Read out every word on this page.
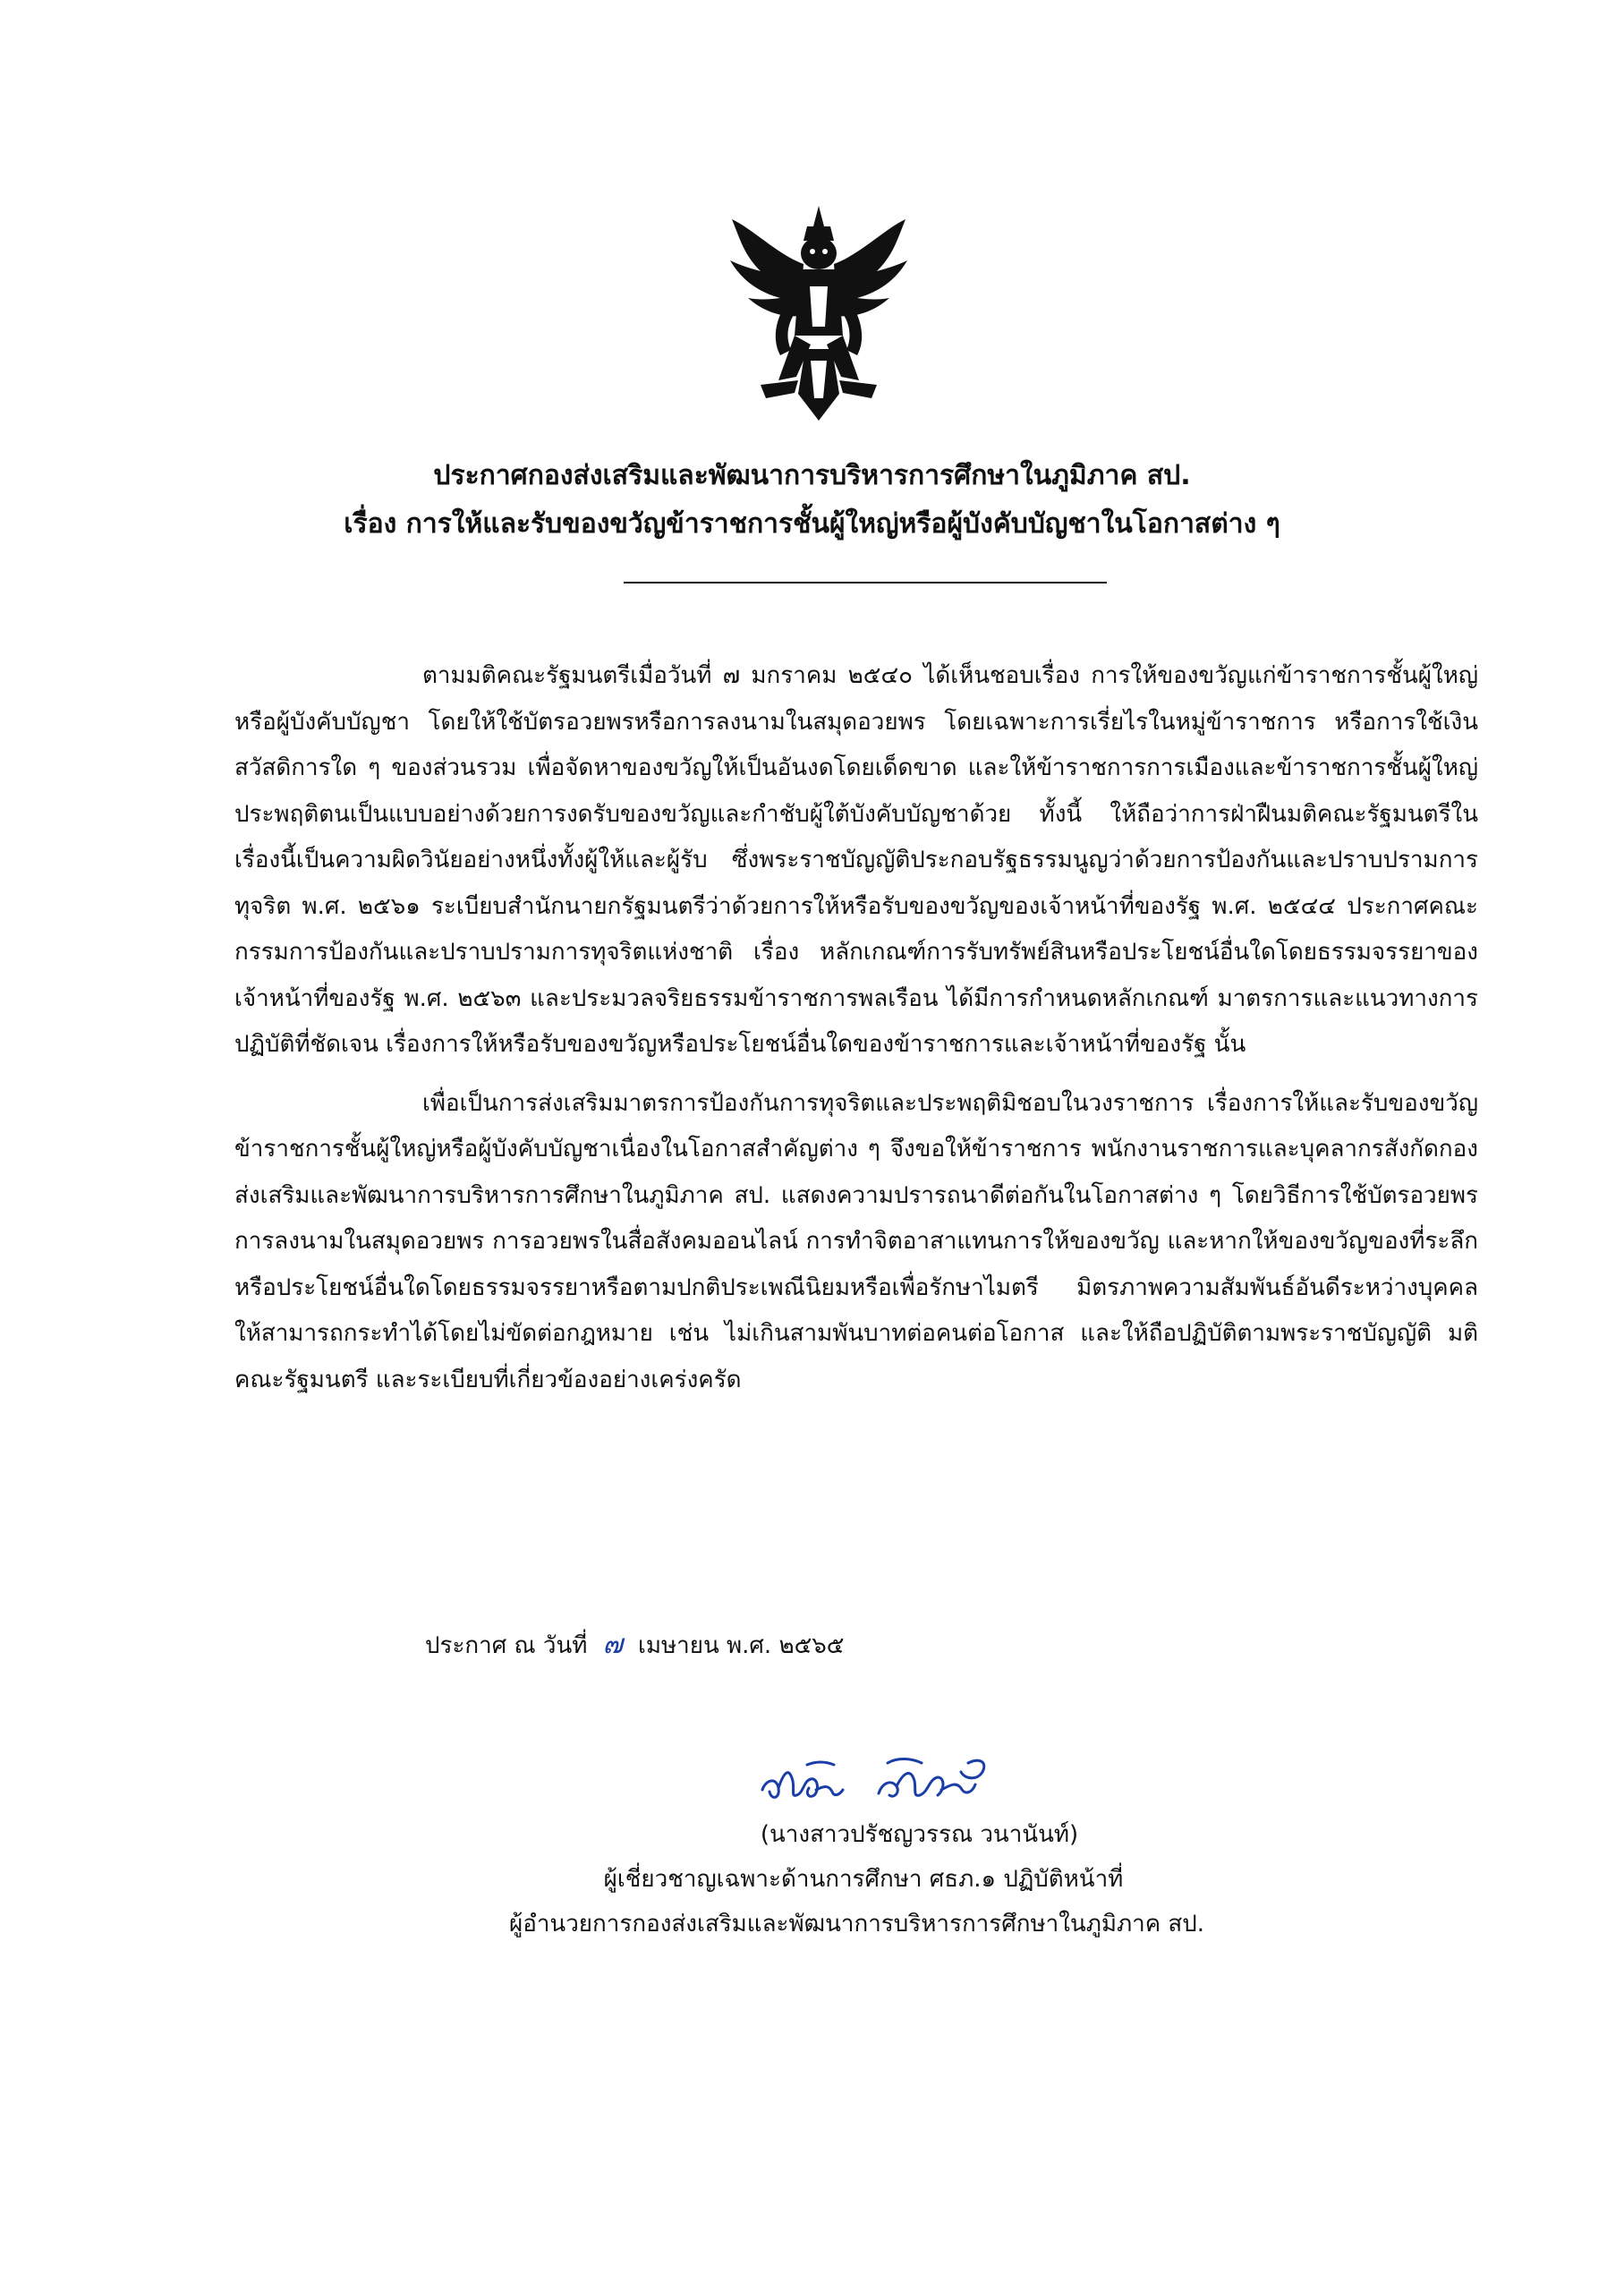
ประกาศกองส่งเสริมและพัฒนาการบริหารการศึกษาในภูมิภาค สป.
เรื่อง การให้และรับของขวัญข้าราชการชั้นผู้ใหญ่หรือผู้บังคับบัญชาในโอกาสต่าง ๆ

ตามมติคณะรัฐมนตรีเมื่อวันที่ ๗ มกราคม ๒๕๔๐ ได้เห็นชอบเรื่อง การให้ของขวัญแก่ข้าราชการชั้นผู้ใหญ่หรือผู้บังคับบัญชา โดยให้ใช้บัตรอวยพรหรือการลงนามในสมุดอวยพร โดยเฉพาะการเรี่ยไรในหมู่ข้าราชการ หรือการใช้เงินสวัสดิการใด ๆ ของส่วนรวม เพื่อจัดหาของขวัญให้เป็นอันงดโดยเด็ดขาด และให้ข้าราชการการเมืองและข้าราชการชั้นผู้ใหญ่ประพฤติตนเป็นแบบอย่างด้วยการงดรับของขวัญและกำชับผู้ใต้บังคับบัญชาด้วย ทั้งนี้ ให้ถือว่าการฝ่าฝืนมติคณะรัฐมนตรีในเรื่องนี้เป็นความผิดวินัยอย่างหนึ่งทั้งผู้ให้และผู้รับ ซึ่งพระราชบัญญัติประกอบรัฐธรรมนูญว่าด้วยการป้องกันและปราบปรามการทุจริต พ.ศ. ๒๕๖๑ ระเบียบสำนักนายกรัฐมนตรีว่าด้วยการให้หรือรับของขวัญของเจ้าหน้าที่ของรัฐ พ.ศ. ๒๕๔๔ ประกาศคณะกรรมการป้องกันและปราบปรามการทุจริตแห่งชาติ เรื่อง หลักเกณฑ์การรับทรัพย์สินหรือประโยชน์อื่นใดโดยธรรมจรรยาของเจ้าหน้าที่ของรัฐ พ.ศ. ๒๕๖๓ และประมวลจริยธรรมข้าราชการพลเรือน ได้มีการกำหนดหลักเกณฑ์ มาตรการและแนวทางการปฏิบัติที่ชัดเจน เรื่องการให้หรือรับของขวัญหรือประโยชน์อื่นใดของข้าราชการและเจ้าหน้าที่ของรัฐ นั้น

เพื่อเป็นการส่งเสริมมาตรการป้องกันการทุจริตและประพฤติมิชอบในวงราชการ เรื่องการให้และรับของขวัญข้าราชการชั้นผู้ใหญ่หรือผู้บังคับบัญชาเนื่องในโอกาสสำคัญต่าง ๆ จึงขอให้ข้าราชการ พนักงานราชการและบุคลากรสังกัดกองส่งเสริมและพัฒนาการบริหารการศึกษาในภูมิภาค สป. แสดงความปรารถนาดีต่อกันในโอกาสต่าง ๆ โดยวิธีการใช้บัตรอวยพร การลงนามในสมุดอวยพร การอวยพรในสื่อสังคมออนไลน์ การทำจิตอาสาแทนการให้ของขวัญ และหากให้ของขวัญของที่ระลึก หรือประโยชน์อื่นใดโดยธรรมจรรยาหรือตามปกติประเพณีนิยมหรือเพื่อรักษาไมตรี มิตรภาพความสัมพันธ์อันดีระหว่างบุคคล ให้สามารถกระทำได้โดยไม่ขัดต่อกฎหมาย เช่น ไม่เกินสามพันบาทต่อคนต่อโอกาส และให้ถือปฏิบัติตามพระราชบัญญัติ มติคณะรัฐมนตรี และระเบียบที่เกี่ยวข้องอย่างเคร่งครัด

ประกาศ ณ วันที่ ๗ เมษายน พ.ศ. ๒๕๖๕
(นางสาวปรัชญวรรณ วนานันท์)
ผู้เชี่ยวชาญเฉพาะด้านการศึกษา ศธภ.๑ ปฏิบัติหน้าที่
ผู้อำนวยการกองส่งเสริมและพัฒนาการบริหารการศึกษาในภูมิภาค สป.
